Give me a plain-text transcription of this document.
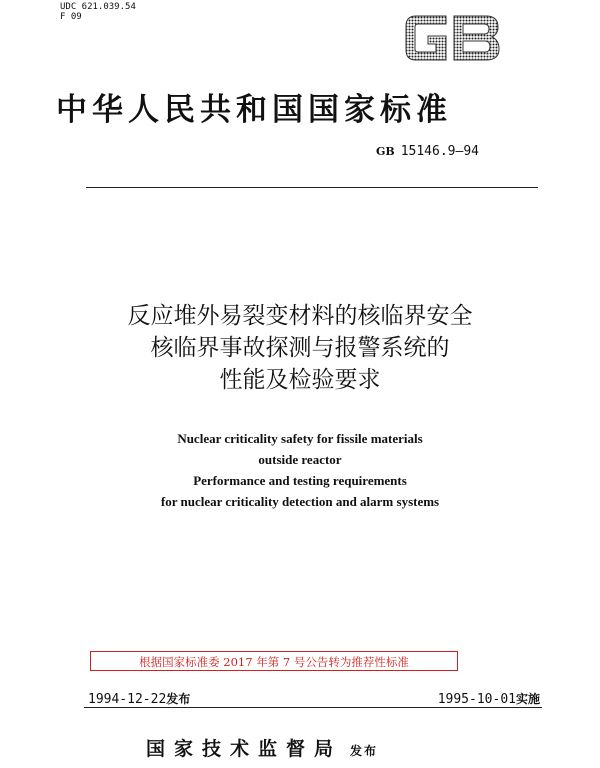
UDC 621.039.54
F 09
中华人民共和国国家标准
GB 15146.9—94
反应堆外易裂变材料的核临界安全
核临界事故探测与报警系统的
性能及检验要求
Nuclear criticality safety for fissile materials
outside reactor
Performance and testing requirements
for nuclear criticality detection and alarm systems
根据国家标准委 2017 年第 7 号公告转为推荐性标准
1994-12-22发布	1995-10-01实施
国家技术监督局 发布
